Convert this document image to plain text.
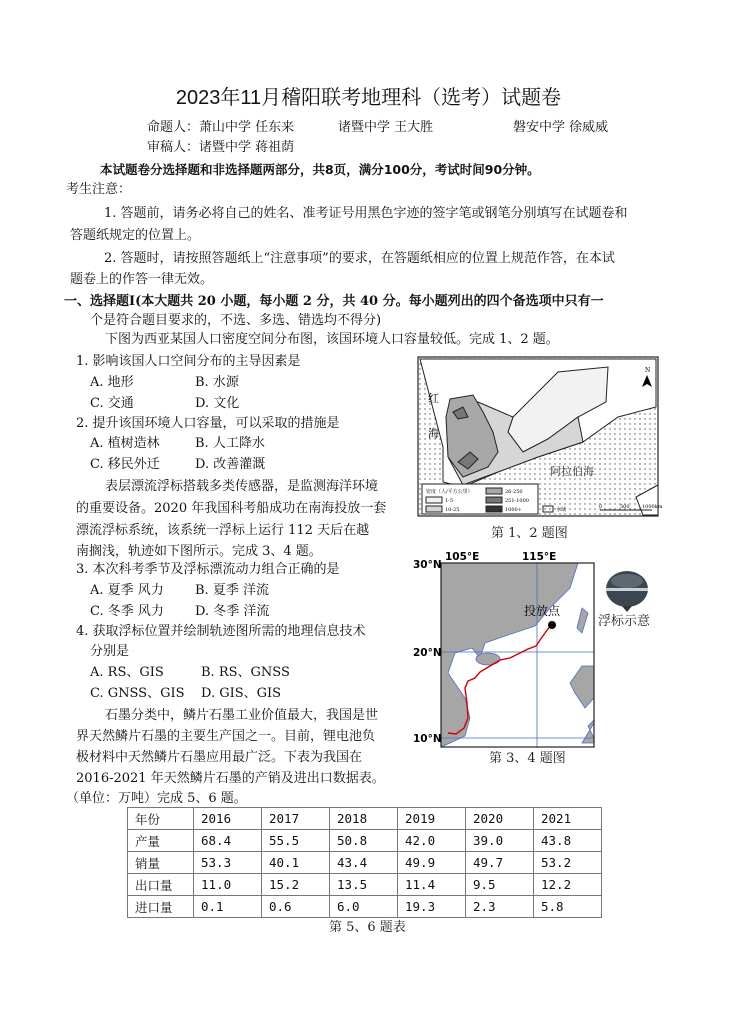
2023年11月稽阳联考地理科（选考）试题卷
命题人：萧山中学 任东来	诸暨中学 王大胜	磐安中学 徐威威
审稿人：诸暨中学 蒋祖荫
本试题卷分选择题和非选择题两部分，共8页，满分100分，考试时间90分钟。
考生注意：
1. 答题前，请务必将自己的姓名、准考证号用黑色字迹的签字笔或钢笔分别填写在试题卷和
答题纸规定的位置上。
2. 答题时，请按照答题纸上“注意事项”的要求，在答题纸相应的位置上规范作答，在本试
题卷上的作答一律无效。
一、选择题Ⅰ(本大题共 20 小题，每小题 2 分，共 40 分。每小题列出的四个备选项中只有一
个是符合题目要求的，不选、多选、错选均不得分)
下图为西亚某国人口密度空间分布图，该国环境人口容量较低。完成 1、2 题。
1. 影响该国人口空间分布的主导因素是
A. 地形	B. 水源
C. 交通	D. 文化
2. 提升该国环境人口容量，可以采取的措施是
A. 植树造林	B. 人工降水
C. 移民外迁	D. 改善灌溉
表层漂流浮标搭载多类传感器，是监测海洋环境
的重要设备。2020 年我国科考船成功在南海投放一套
漂流浮标系统，该系统一浮标上运行 112 天后在越
南搁浅，轨迹如下图所示。完成 3、4 题。
3. 本次科考季节及浮标漂流动力组合正确的是
A. 夏季 风力 B. 夏季 洋流
C. 冬季 风力 D. 冬季 洋流
4. 获取浮标位置并绘制轨迹图所需的地理信息技术
分别是
A. RS、GIS	B. RS、GNSS
C. GNSS、GIS D. GIS、GIS
石墨分类中，鳞片石墨工业价值最大，我国是世
界天然鳞片石墨的主要生产国之一。目前，锂电池负
极材料中天然鳞片石墨应用最广泛。下表为我国在
2016-2021 年天然鳞片石墨的产销及进出口数据表。
（单位：万吨）完成 5、6 题。
红
海
阿拉伯海
N
密度（人/平方公里）
1-5
10-25
26-250
251-1000
1000+	水域	0	500 1000km
第 1、2 题图
投放点
105°E	115°E
30°N
20°N
10°N
第 3、4 题图
浮标示意
年份	2016	2017	2018	2019	2020	2021
产量	68.4	55.5	50.8	42.0	39.0	43.8
销量	53.3	40.1	43.4	49.9	49.7	53.2
出口量	11.0	15.2	13.5	11.4	9.5	12.2
进口量	0.1	0.6	6.0	19.3	2.3	5.8
第 5、6 题表
